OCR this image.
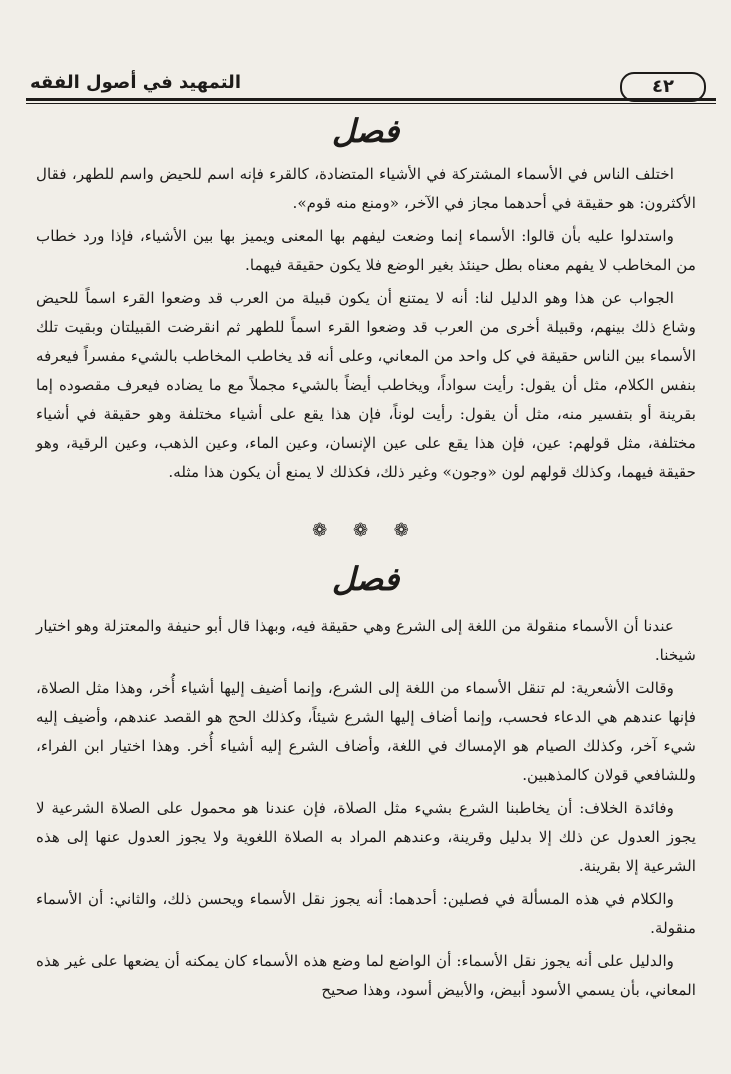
٤٢
التمهيد في أصول الفقه
فصل

اختلف الناس في الأسماء المشتركة في الأشياء المتضادة، كالقرء فإنه اسم للحيض واسم للطهر، فقال الأكثرون: هو حقيقة في أحدهما مجاز في الآخر، «ومنع منه قوم».

واستدلوا عليه بأن قالوا: الأسماء إنما وضعت ليفهم بها المعنى ويميز بها بين الأشياء، فإذا ورد خطاب من المخاطب لا يفهم معناه بطل حينئذ بغير الوضع فلا يكون حقيقة فيهما.

الجواب عن هذا وهو الدليل لنا: أنه لا يمتنع أن يكون قبيلة من العرب قد وضعوا القرء اسماً للحيض وشاع ذلك بينهم، وقبيلة أخرى من العرب قد وضعوا القرء اسماً للطهر ثم انقرضت القبيلتان وبقيت تلك الأسماء بين الناس حقيقة في كل واحد من المعاني، وعلى أنه قد يخاطب المخاطب بالشيء مفسراً فيعرفه بنفس الكلام، مثل أن يقول: رأيت سواداً، ويخاطب أيضاً بالشيء مجملاً مع ما يضاده فيعرف مقصوده إما بقرينة أو بتفسير منه، مثل أن يقول: رأيت لوناً، فإن هذا يقع على أشياء مختلفة وهو حقيقة في أشياء مختلفة، مثل قولهم: عين، فإن هذا يقع على عين الإنسان، وعين الماء، وعين الذهب، وعين الرقية، وهو حقيقة فيهما، وكذلك قولهم لون «وجون» وغير ذلك، فكذلك لا يمنع أن يكون هذا مثله.

❁ ❁ ❁
فصل

عندنا أن الأسماء منقولة من اللغة إلى الشرع وهي حقيقة فيه، وبهذا قال أبو حنيفة والمعتزلة وهو اختيار شيخنا.

وقالت الأشعرية: لم تنقل الأسماء من اللغة إلى الشرع، وإنما أضيف إليها أشياء أُخر، وهذا مثل الصلاة، فإنها عندهم هي الدعاء فحسب، وإنما أضاف إليها الشرع شيئاً، وكذلك الحج هو القصد عندهم، وأضيف إليه شيء آخر، وكذلك الصيام هو الإمساك في اللغة، وأضاف الشرع إليه أشياء أُخر. وهذا اختيار ابن الفراء، وللشافعي قولان كالمذهبين.

وفائدة الخلاف: أن يخاطبنا الشرع بشيء مثل الصلاة، فإن عندنا هو محمول على الصلاة الشرعية لا يجوز العدول عن ذلك إلا بدليل وقرينة، وعندهم المراد به الصلاة اللغوية ولا يجوز العدول عنها إلى هذه الشرعية إلا بقرينة.

والكلام في هذه المسألة في فصلين: أحدهما: أنه يجوز نقل الأسماء ويحسن ذلك، والثاني: أن الأسماء منقولة.

والدليل على أنه يجوز نقل الأسماء: أن الواضع لما وضع هذه الأسماء كان يمكنه أن يضعها على غير هذه المعاني، بأن يسمي الأسود أبيض، والأبيض أسود، وهذا صحيح
